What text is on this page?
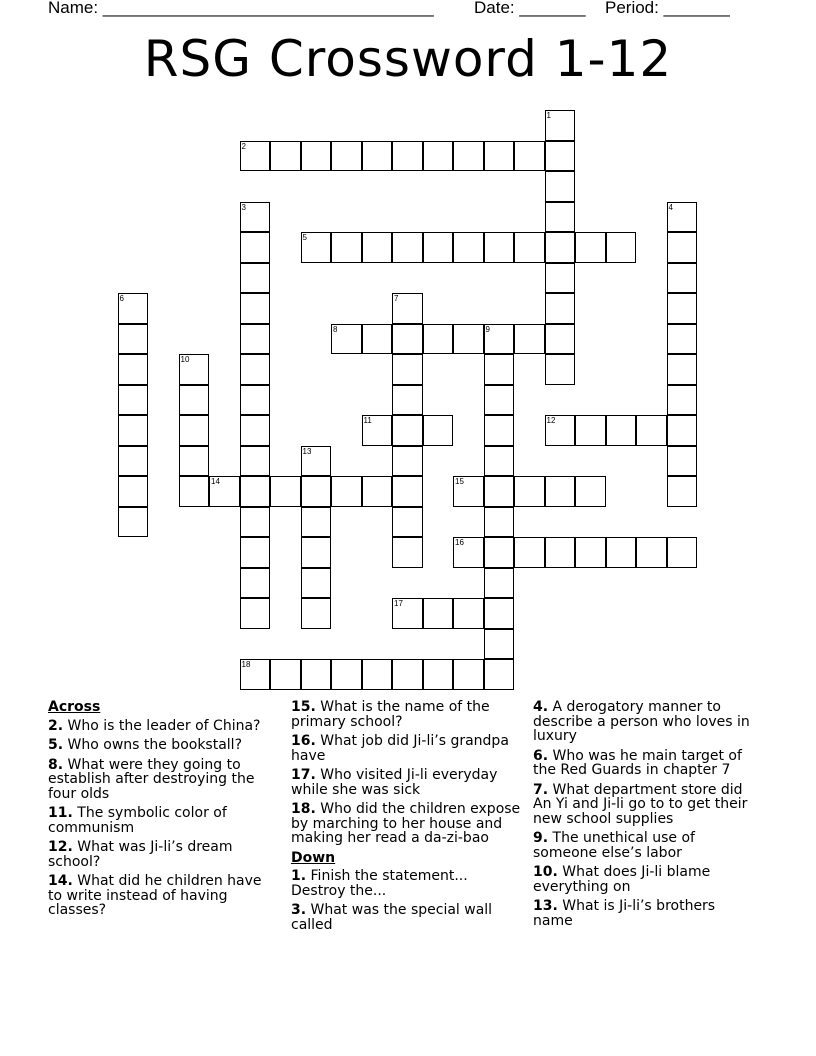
Name: ___________________________________

Date: _______

Period: _______

RSG Crossword 1-12
1
2
3	4
5
6	7
8	9
10
11	12
13
14	15
16
17
18
Across
2. Who is the leader of China?
5. Who owns the bookstall?
8. What were they going to establish after destroying the four olds
11. The symbolic color of communism
12. What was Ji-li’s dream school?
14. What did he children have to write instead of having classes?
15. What is the name of the primary school?
16. What job did Ji-li’s grandpa have
17. Who visited Ji-li everyday while she was sick
18. Who did the children expose by marching to her house and making her read a da-zi-bao
Down
1. Finish the statement... Destroy the...
3. What was the special wall called
4. A derogatory manner to describe a person who loves in luxury
6. Who was he main target of the Red Guards in chapter 7
7. What department store did An Yi and Ji-li go to to get their new school supplies
9. The unethical use of someone else’s labor
10. What does Ji-li blame everything on
13. What is Ji-li’s brothers name
